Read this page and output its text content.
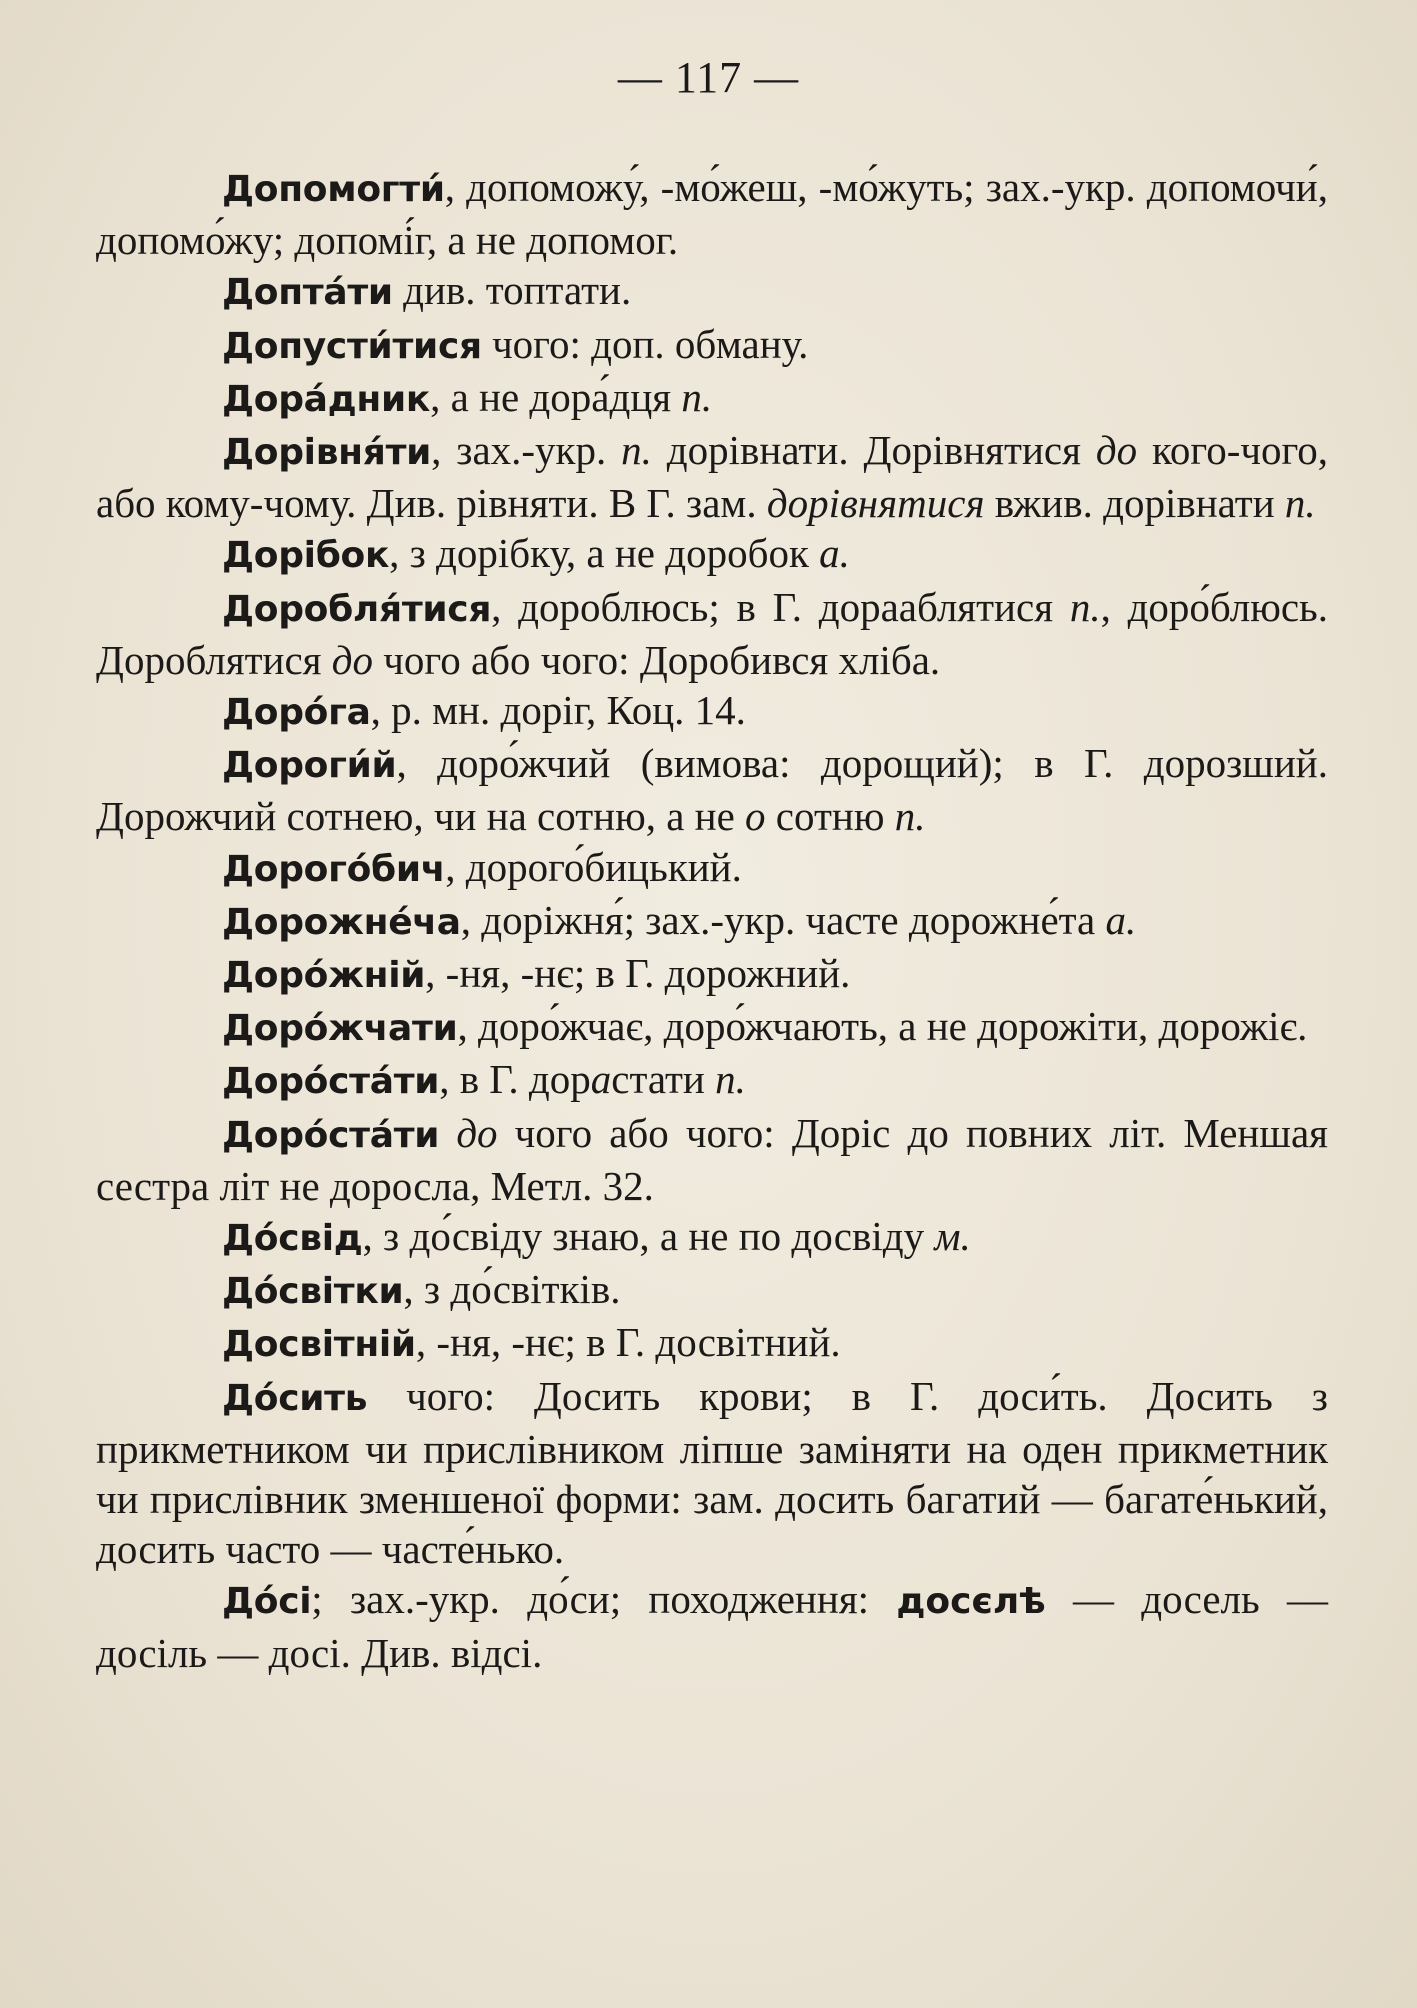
— 117 —

Допомогти́, допоможу́, -мо́жеш, -мо́жуть; зах.-укр. допомочи́, допомо́жу; допомі́г, а не допомог.

Допта́ти див. топтати.

Допусти́тися чого: доп. обману.

Дора́дник, а не дора́дця п.

Дорівня́ти, зах.-укр. п. дорівнати. Дорівнятися до кого-чого, або кому-чому. Див. рівняти. В Г. зам. дорівнятися вжив. дорівнати п.

Дорібок, з дорібку, а не доробок а.

Доробля́тися, дороблюсь; в Г. дорааблятися п., доро́блюсь. Дороблятися до чого або чого: Доробився хліба.

Доро́га, р. мн. доріг, Коц. 14.

Дороги́й, доро́жчий (вимова: дорощий); в Г. дорозший. Дорожчий сотнею, чи на сотню, а не о сотню п.

Дорого́бич, дорого́бицький.

Дорожне́ча, доріжня́; зах.-укр. часте дорожне́та а.

Доро́жній, -ня, -нє; в Г. дорожний.

Доро́жчати, доро́жчає, доро́жчають, а не дорожіти, дорожіє.

Доро́ста́ти, в Г. дорастати п.

Доро́ста́ти до чого або чого: Доріс до повних літ. Меншая сестра літ не доросла, Метл. 32.

До́свід, з до́свіду знаю, а не по досвіду м.

До́світки, з до́світків.

Досвітній, -ня, -нє; в Г. досвітний.

До́сить чого: Досить крови; в Г. доси́ть. Досить з прикметником чи прислівником ліпше заміняти на оден прикметник чи прислівник зменшеної форми: зам. досить багатий — багате́нький, досить часто — часте́нько.

До́сі; зах.-укр. до́си; походження: досєлѣ — досель — досіль — досі. Див. відсі.
